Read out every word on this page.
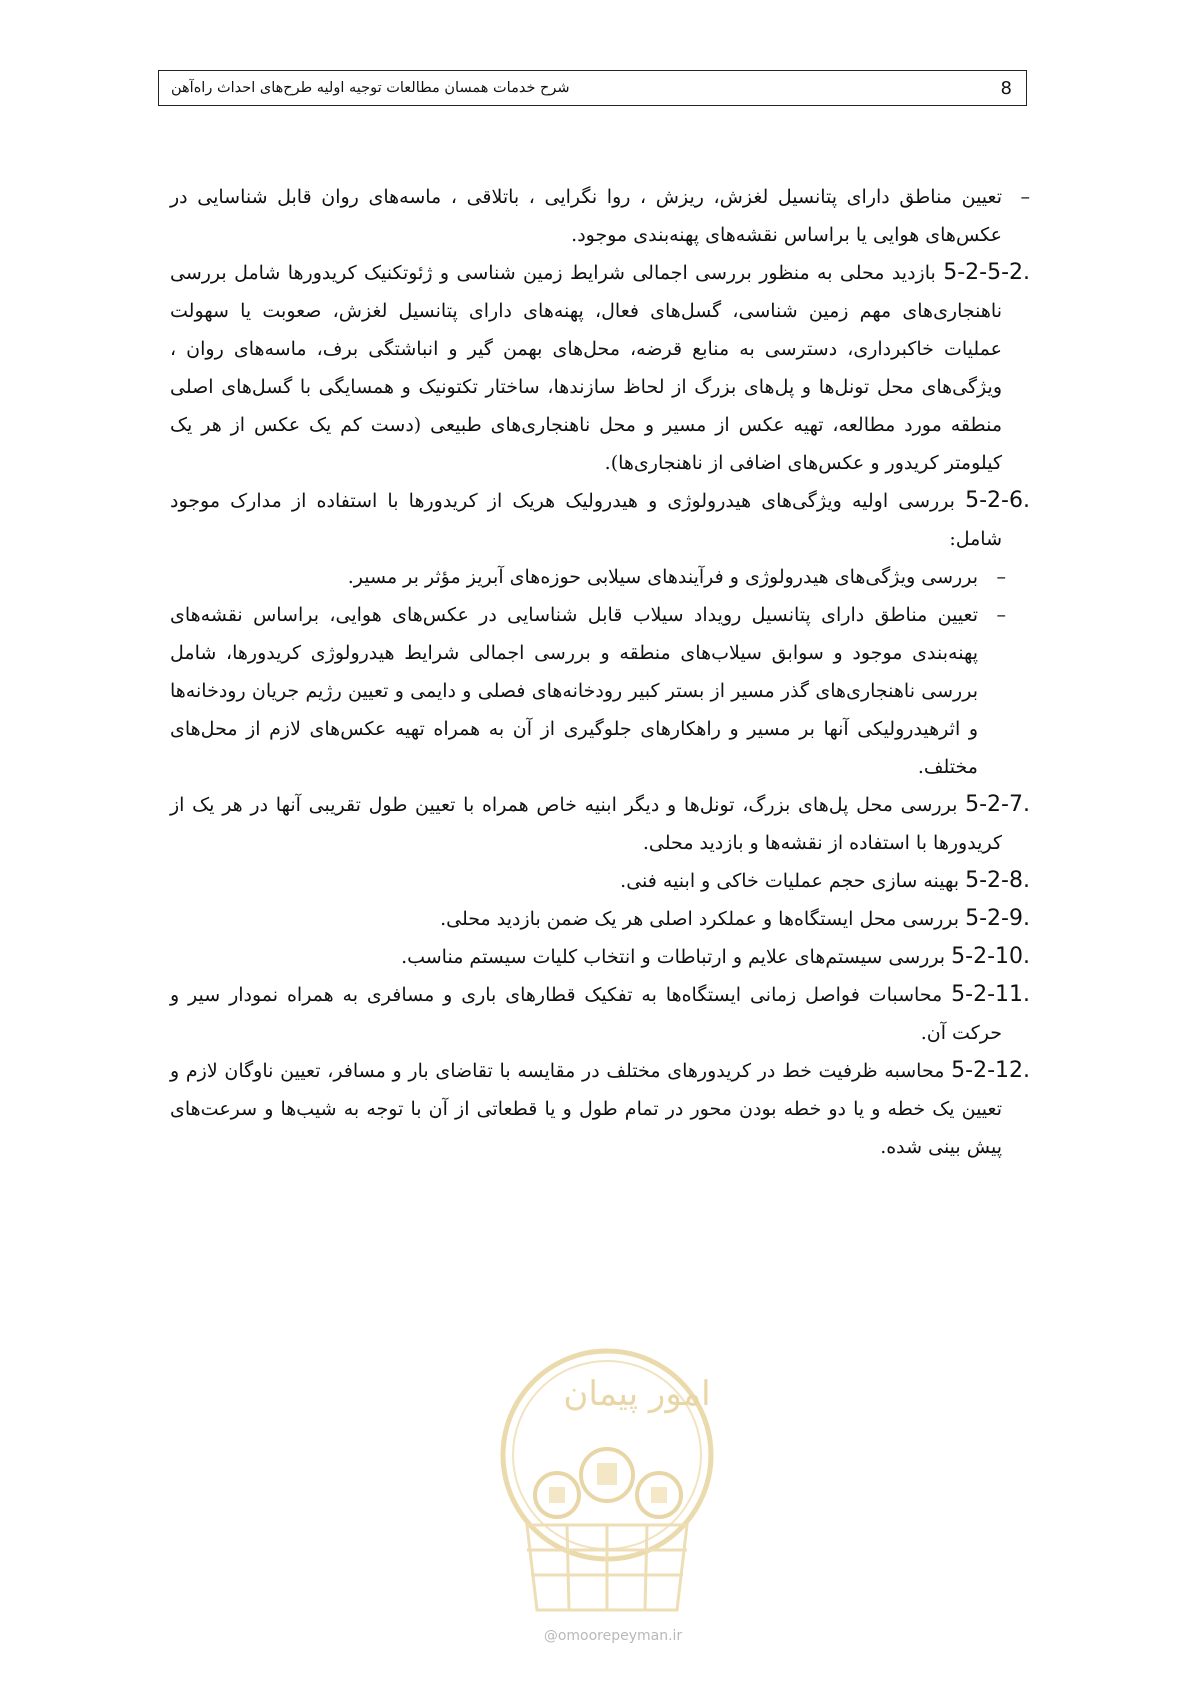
8
شرح خدمات همسان مطالعات توجیه اولیه طرح‌های احداث راه‌آهن

–
تعیین مناطق دارای پتانسیل لغزش، ریزش ، روا نگرایی ، باتلاقی ، ماسه‌های روان قابل شناسایی در عکس‌های هوایی یا براساس نقشه‌های پهنه‌بندی موجود.

5-2-5-2. بازدید محلی به منظور بررسی اجمالی شرایط زمین شناسی و ژئوتکنیک کریدورها شامل بررسی ناهنجاری‌های مهم زمین شناسی، گسل‌های فعال، پهنه‌های دارای پتانسیل لغزش، صعوبت یا سهولت عملیات خاکبرداری، دسترسی به منابع قرضه، محل‌های بهمن گیر و انباشتگی برف، ماسه‌های روان ، ویژگی‌های محل تونل‌ها و پل‌های بزرگ از لحاظ سازندها، ساختار تکتونیک و همسایگی با گسل‌های اصلی منطقه مورد مطالعه، تهیه عکس از مسیر و محل ناهنجاری‌های طبیعی (دست کم یک عکس از هر یک کیلومتر کریدور و عکس‌های اضافی از ناهنجاری‌ها).

5-2-6. بررسی اولیه ویژگی‌های هیدرولوژی و هیدرولیک هریک از کریدورها با استفاده از مدارک موجود شامل:

–
بررسی ویژگی‌های هیدرولوژی و فرآیندهای سیلابی حوزه‌های آبریز مؤثر بر مسیر.

–
تعیین مناطق دارای پتانسیل رویداد سیلاب قابل شناسایی در عکس‌های هوایی، براساس نقشه‌های پهنه‌بندی موجود و سوابق سیلاب‌های منطقه و بررسی اجمالی شرایط هیدرولوژی کریدورها، شامل بررسی ناهنجاری‌های گذر مسیر از بستر کبیر رودخانه‌های فصلی و دایمی و تعیین رژیم جریان رودخانه‌ها و اثرهیدرولیکی آنها بر مسیر و راهکارهای جلوگیری از آن به همراه تهیه عکس‌های لازم از محل‌های مختلف.

5-2-7. بررسی محل پل‌های بزرگ، تونل‌ها و دیگر ابنیه خاص همراه با تعیین طول تقریبی آنها در هر یک از کریدورها با استفاده از نقشه‌ها و بازدید محلی.

5-2-8. بهینه سازی حجم عملیات خاکی و ابنیه فنی.

5-2-9. بررسی محل ایستگاه‌ها و عملکرد اصلی هر یک ضمن بازدید محلی.

5-2-10. بررسی سیستم‌های علایم و ارتباطات و انتخاب کلیات سیستم مناسب.

5-2-11. محاسبات فواصل زمانی ایستگاه‌ها به تفکیک قطارهای باری و مسافری به همراه نمودار سیر و حرکت آن.

5-2-12. محاسبه ظرفیت خط در کریدورهای مختلف در مقایسه با تقاضای بار و مسافر، تعیین ناوگان لازم و تعیین یک خطه و یا دو خطه بودن محور در تمام طول و یا قطعاتی از آن با توجه به شیب‌ها و سرعت‌های پیش بینی شده.

امور پیمان
@omoorepeyman.ir
